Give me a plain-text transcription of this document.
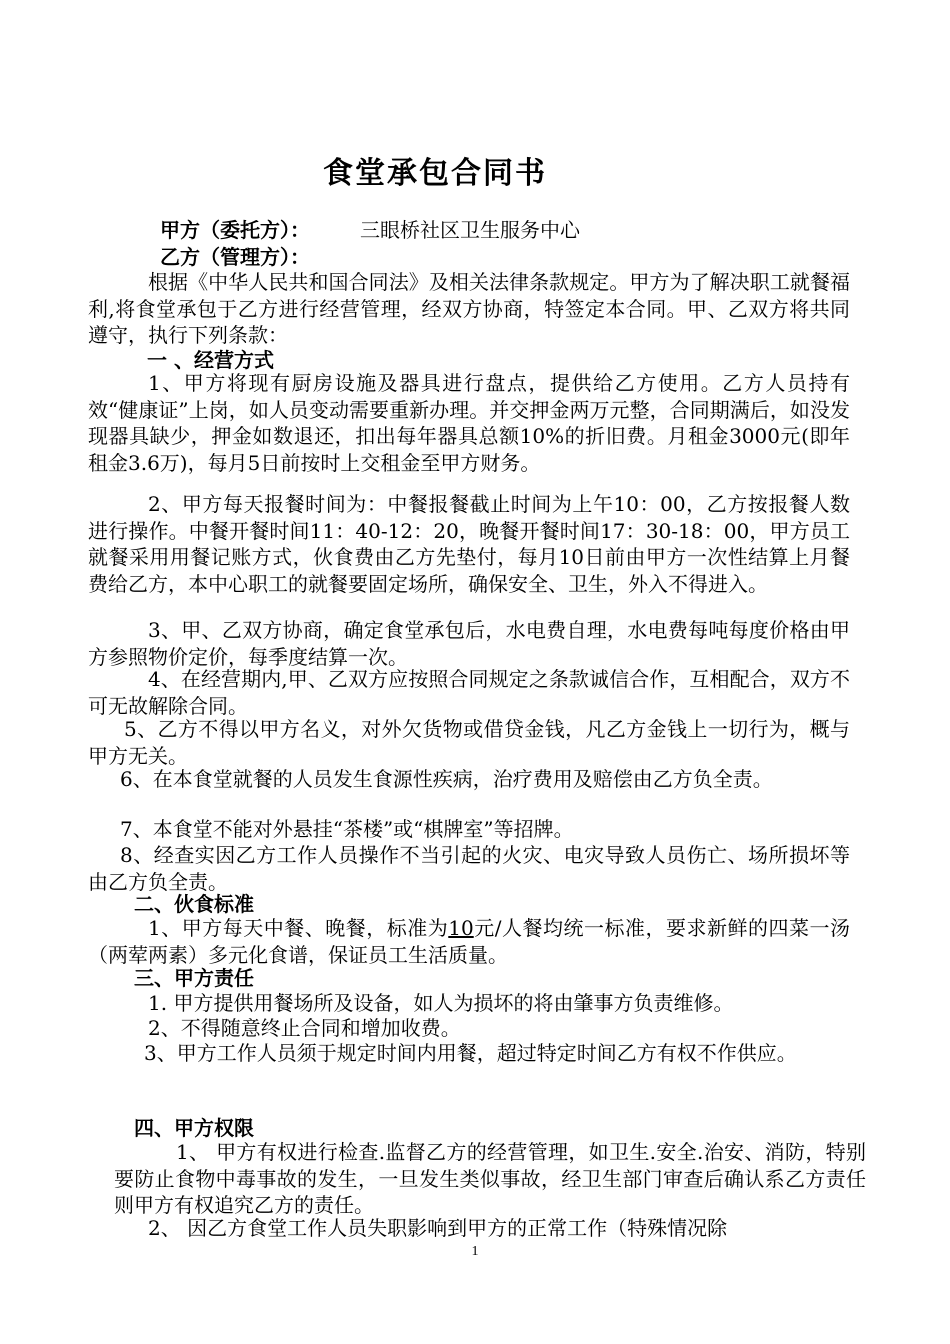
食堂承包合同书
甲方（委托方）：	三眼桥社区卫生服务中心
乙方（管理方）：
根据《中华人民共和国合同法》及相关法律条款规定。甲方为了解决职工就餐福利,将食堂承包于乙方进行经营管理，经双方协商，特签定本合同。甲、乙双方将共同遵守，执行下列条款：
一 、经营方式
1、甲方将现有厨房设施及器具进行盘点，提供给乙方使用。乙方人员持有效“健康证”上岗，如人员变动需要重新办理。并交押金两万元整，合同期满后，如没发现器具缺少，押金如数退还，扣出每年器具总额10%的折旧费。月租金3000元(即年租金3.6万)，每月5日前按时上交租金至甲方财务。
2、甲方每天报餐时间为：中餐报餐截止时间为上午10：00，乙方按报餐人数进行操作。中餐开餐时间11：40-12：20，晚餐开餐时间17：30-18：00，甲方员工就餐采用用餐记账方式，伙食费由乙方先垫付，每月10日前由甲方一次性结算上月餐费给乙方，本中心职工的就餐要固定场所，确保安全、卫生，外入不得进入。
3、甲、乙双方协商，确定食堂承包后，水电费自理，水电费每吨每度价格由甲方参照物价定价，每季度结算一次。
4、在经营期内,甲、乙双方应按照合同规定之条款诚信合作，互相配合，双方不可无故解除合同。
5、乙方不得以甲方名义，对外欠货物或借贷金钱，凡乙方金钱上一切行为，概与甲方无关。
6、在本食堂就餐的人员发生食源性疾病，治疗费用及赔偿由乙方负全责。
7、本食堂不能对外悬挂“茶楼”或“棋牌室”等招牌。
8、经查实因乙方工作人员操作不当引起的火灾、电灾导致人员伤亡、场所损坏等由乙方负全责。
二、伙食标准
1、甲方每天中餐、晚餐，标准为10元/人餐均统一标准，要求新鲜的四菜一汤（两荤两素）多元化食谱，保证员工生活质量。
三、甲方责任
1. 甲方提供用餐场所及设备，如人为损坏的将由肇事方负责维修。
2、不得随意终止合同和增加收费。
3、甲方工作人员须于规定时间内用餐，超过特定时间乙方有权不作供应。
四、甲方权限
1、 甲方有权进行检查.监督乙方的经营管理，如卫生.安全.治安、消防，特别要防止食物中毒事故的发生，一旦发生类似事故，经卫生部门审查后确认系乙方责任则甲方有权追究乙方的责任。
2、 因乙方食堂工作人员失职影响到甲方的正常工作（特殊情况除
1
